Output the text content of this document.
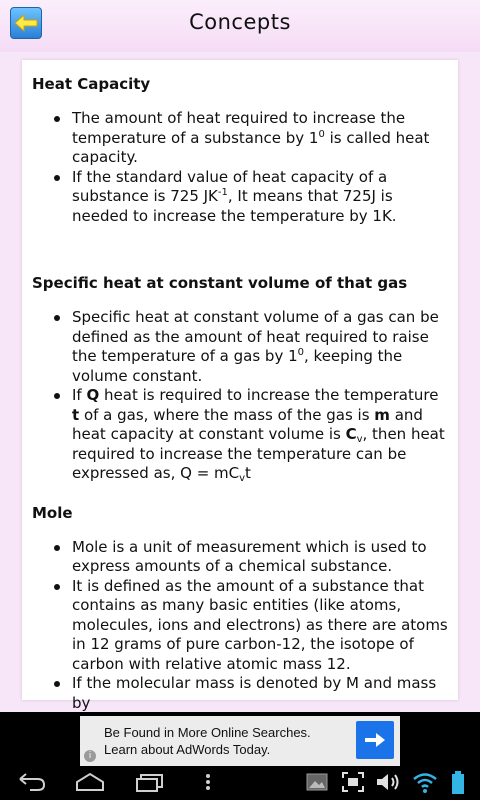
Concepts
Heat Capacity
The amount of heat required to increase the temperature of a substance by $1^0$ is called heat capacity.
If the standard value of heat capacity of a substance is 725 $JK^{-1}$, It means that 725J is needed to increase the temperature by 1K.
Specific heat at constant volume of that gas
Specific heat at constant volume of a gas can be defined as the amount of heat required to raise the temperature of a gas by $1^0$, keeping the volume constant.
If Q heat is required to increase the temperature t of a gas, where the mass of the gas is m and heat capacity at constant volume is $C_v$, then heat required to increase the temperature can be expressed as, $Q = mC_vt$
Mole
Mole is a unit of measurement which is used to express amounts of a chemical substance.
It is defined as the amount of a substance that contains as many basic entities (like atoms, molecules, ions and electrons) as there are atoms in 12 grams of pure carbon-12, the isotope of carbon with relative atomic mass 12.
If the molecular mass is denoted by M and mass by
Be Found in More Online Searches.
Learn about AdWords Today.
i
